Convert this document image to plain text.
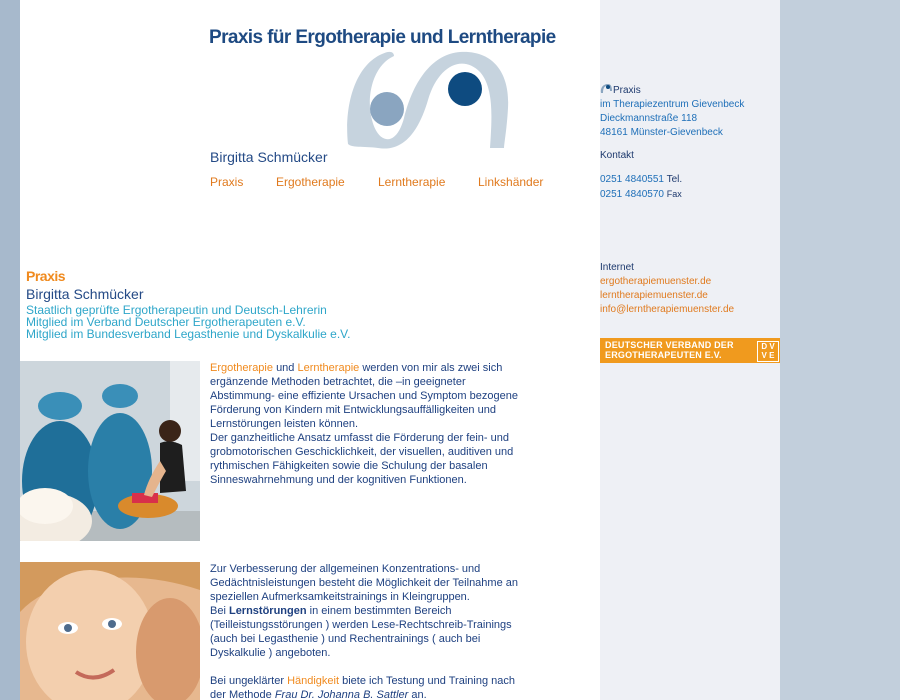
Praxis für Ergotherapie und Lerntherapie
Birgitta Schmücker
Praxis	Ergotherapie	Lerntherapie	Linkshänder
Praxis
Birgitta Schmücker
Staatlich geprüfte Ergotherapeutin und Deutsch-Lehrerin
Mitglied im Verband Deutscher Ergotherapeuten e.V.
Mitglied im Bundesverband Legasthenie und Dyskalkulie e.V.
Ergotherapie und Lerntherapie werden von mir als zwei sich ergänzende Methoden betrachtet, die –in geeigneter Abstimmung- eine effiziente Ursachen und Symptom bezogene Förderung von Kindern mit Entwicklungsauffälligkeiten und Lernstörungen leisten können.
Der ganzheitliche Ansatz umfasst die Förderung der fein- und grobmotorischen Geschicklichkeit, der visuellen, auditiven und rythmischen Fähigkeiten sowie die Schulung der basalen Sinneswahrnehmung und der kognitiven Funktionen.
Zur Verbesserung der allgemeinen Konzentrations- und Gedächtnisleistungen besteht die Möglichkeit der Teilnahme an speziellen Aufmerksamkeitstrainings in Kleingruppen.
Bei Lernstörungen in einem bestimmten Bereich (Teilleistungsstörungen ) werden Lese-Rechtschreib-Trainings (auch bei Legasthenie ) und Rechentrainings ( auch bei Dyskalkulie ) angeboten.

Bei ungeklärter Händigkeit biete ich Testung und Training nach der Methode Frau Dr. Johanna B. Sattler an.
Praxis
im Therapiezentrum Gievenbeck
Dieckmannstraße 118
48161 Münster-Gievenbeck
Kontakt
0251 4840551 Tel.
0251 4840570 Fax
Internet
ergotherapiemuenster.de
lerntherapiemuenster.de
info@lerntherapiemuenster.de
DEUTSCHER VERBAND DER
ERGOTHERAPEUTEN E.V.
D V
V E
